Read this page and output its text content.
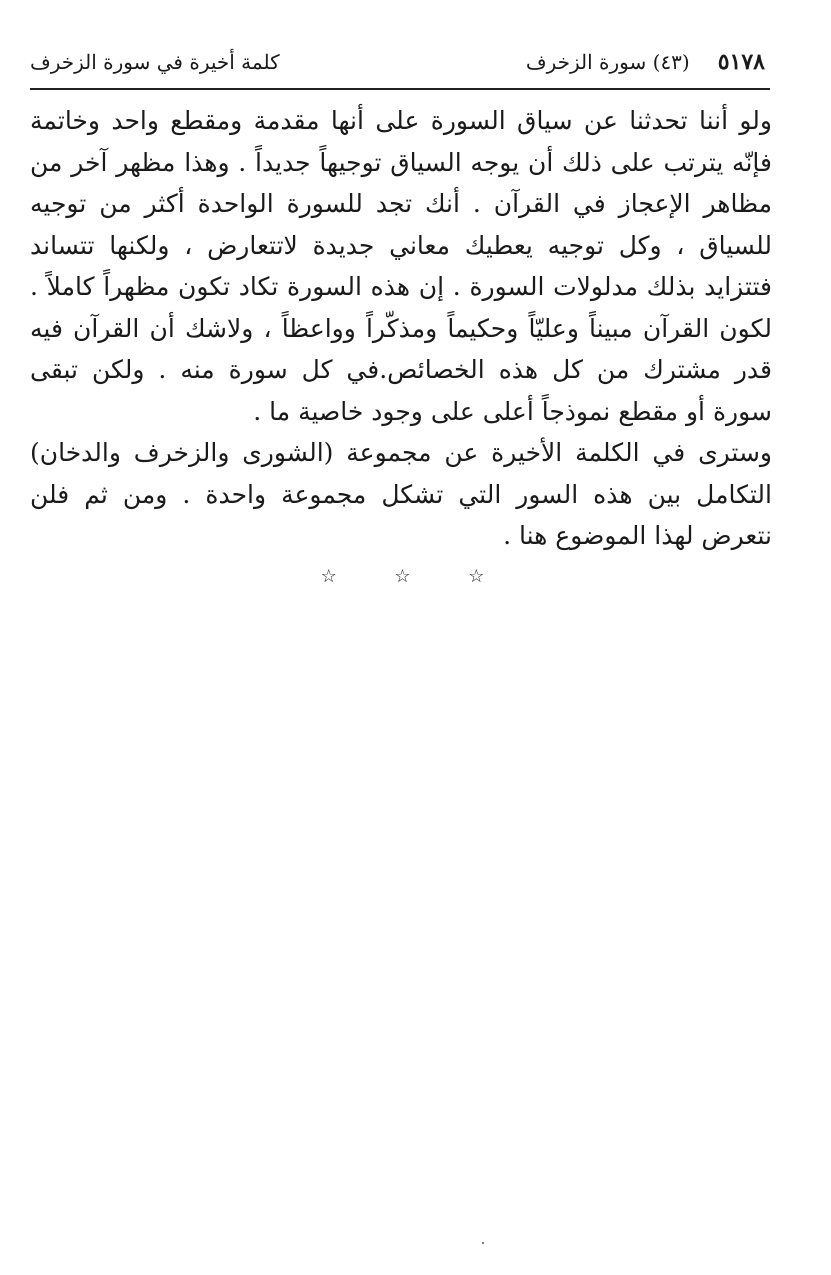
٥١٧٨
(٤٣) سورة الزخرف
كلمة أخيرة في سورة الزخرف

ولو أننا تحدثنا عن سياق السورة على أنها مقدمة ومقطع واحد وخاتمة فإنّه يترتب على ذلك أن يوجه السياق توجيهاً جديداً . وهذا مظهر آخر من مظاهر الإعجاز في القرآن . أنك تجد للسورة الواحدة أكثر من توجيه للسياق ، وكل توجيه يعطيك معاني جديدة لاتتعارض ، ولكنها تتساند فتتزايد بذلك مدلولات السورة . إن هذه السورة تكاد تكون مظهراً كاملاً . لكون القرآن مبيناً وعليّاً وحكيماً ومذكّراً وواعظاً ، ولاشك أن القرآن فيه قدر مشترك من كل هذه الخصائص.في كل سورة منه . ولكن تبقى سورة أو مقطع نموذجاً أعلى على وجود خاصية ما .

وسترى في الكلمة الأخيرة عن مجموعة (الشورى والزخرف والدخان) التكامل بين هذه السور التي تشكل مجموعة واحدة . ومن ثم فلن نتعرض لهذا الموضوع هنا .

☆ ☆ ☆
